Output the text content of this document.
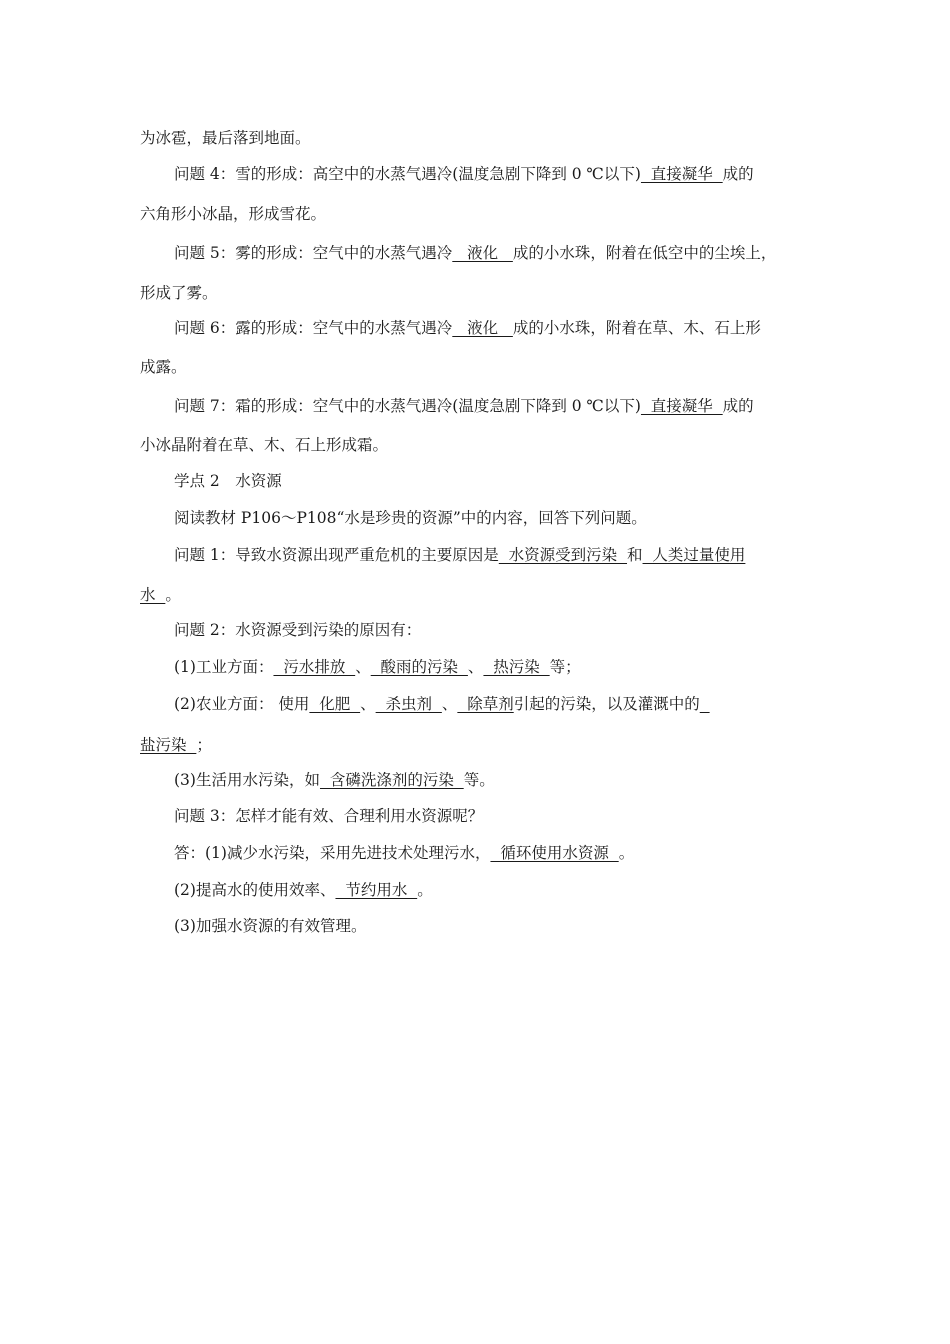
为冰雹，最后落到地面。
问题 4：雪的形成：高空中的水蒸气遇冷(温度急剧下降到 0 ℃以下)  直接凝华  成的
六角形小冰晶，形成雪花。
问题 5：雾的形成：空气中的水蒸气遇冷   液化   成的小水珠，附着在低空中的尘埃上，
形成了雾。
问题 6：露的形成：空气中的水蒸气遇冷   液化   成的小水珠，附着在草、木、石上形
成露。
问题 7：霜的形成：空气中的水蒸气遇冷(温度急剧下降到 0 ℃以下)  直接凝华  成的
小冰晶附着在草、木、石上形成霜。
学点 2　水资源
阅读教材 P106～P108“水是珍贵的资源”中的内容，回答下列问题。
问题 1：导致水资源出现严重危机的主要原因是  水资源受到污染  和  人类过量使用
水  。
问题 2：水资源受到污染的原因有：
(1)工业方面：  污水排放  、  酸雨的污染  、  热污染  等；
(2)农业方面： 使用  化肥  、  杀虫剂  、  除草剂引起的污染，以及灌溉中的
盐污染  ；
(3)生活用水污染，如  含磷洗涤剂的污染  等。
问题 3：怎样才能有效、合理利用水资源呢？
答：(1)减少水污染，采用先进技术处理污水，  循环使用水资源  。
(2)提高水的使用效率、  节约用水  。
(3)加强水资源的有效管理。
